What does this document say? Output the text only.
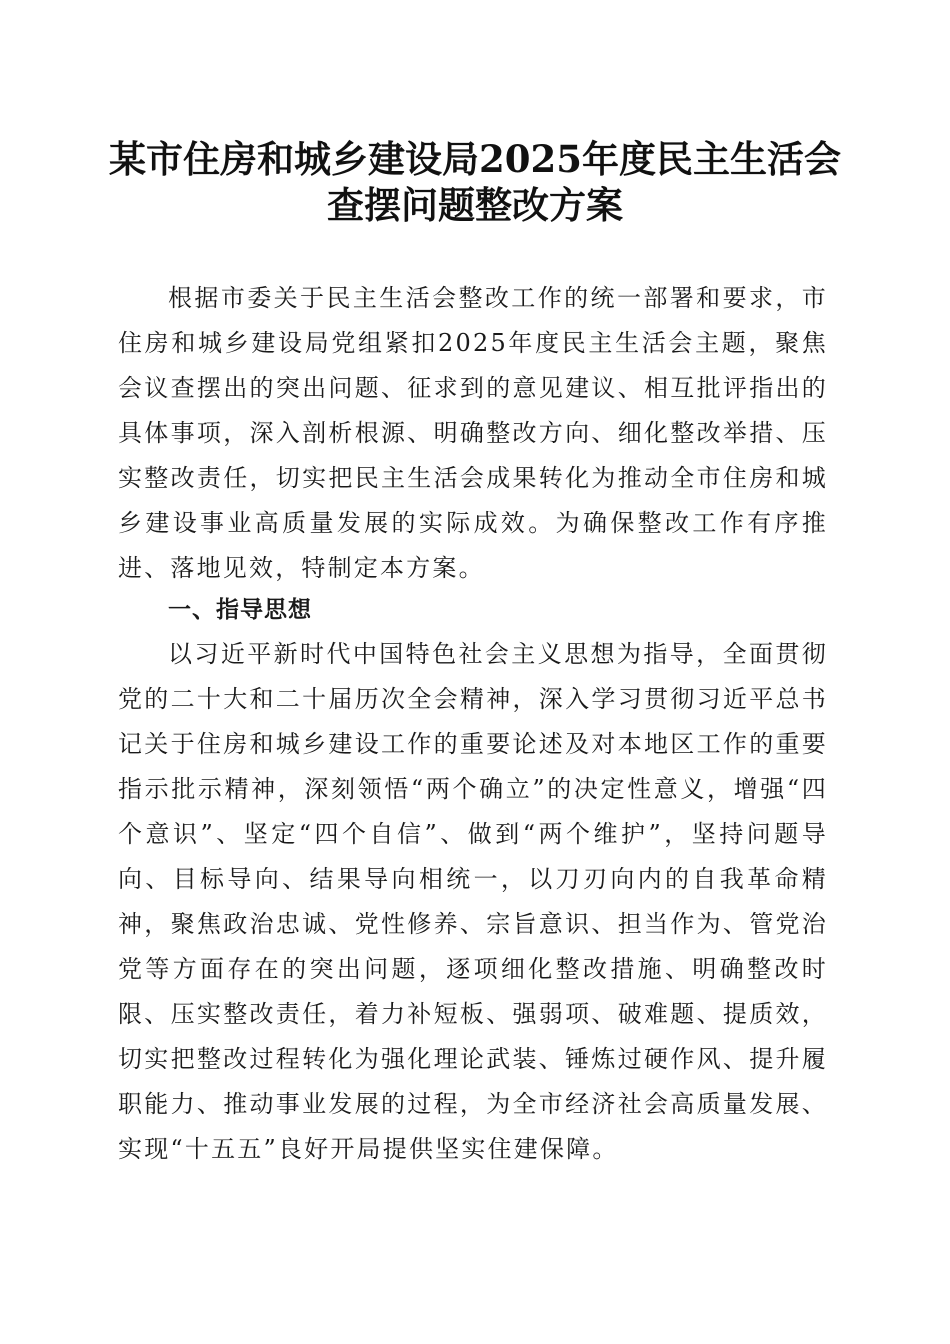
某市住房和城乡建设局2025年度民主生活会
查摆问题整改方案

根据市委关于民主生活会整改工作的统一部署和要求，市住房和城乡建设局党组紧扣2025年度民主生活会主题，聚焦会议查摆出的突出问题、征求到的意见建议、相互批评指出的具体事项，深入剖析根源、明确整改方向、细化整改举措、压实整改责任，切实把民主生活会成果转化为推动全市住房和城乡建设事业高质量发展的实际成效。为确保整改工作有序推进、落地见效，特制定本方案。

一、指导思想

以习近平新时代中国特色社会主义思想为指导，全面贯彻党的二十大和二十届历次全会精神，深入学习贯彻习近平总书记关于住房和城乡建设工作的重要论述及对本地区工作的重要指示批示精神，深刻领悟“两个确立”的决定性意义，增强“四个意识”、坚定“四个自信”、做到“两个维护”，坚持问题导向、目标导向、结果导向相统一，以刀刃向内的自我革命精神，聚焦政治忠诚、党性修养、宗旨意识、担当作为、管党治党等方面存在的突出问题，逐项细化整改措施、明确整改时限、压实整改责任，着力补短板、强弱项、破难题、提质效，切实把整改过程转化为强化理论武装、锤炼过硬作风、提升履职能力、推动事业发展的过程，为全市经济社会高质量发展、实现“十五五”良好开局提供坚实住建保障。
